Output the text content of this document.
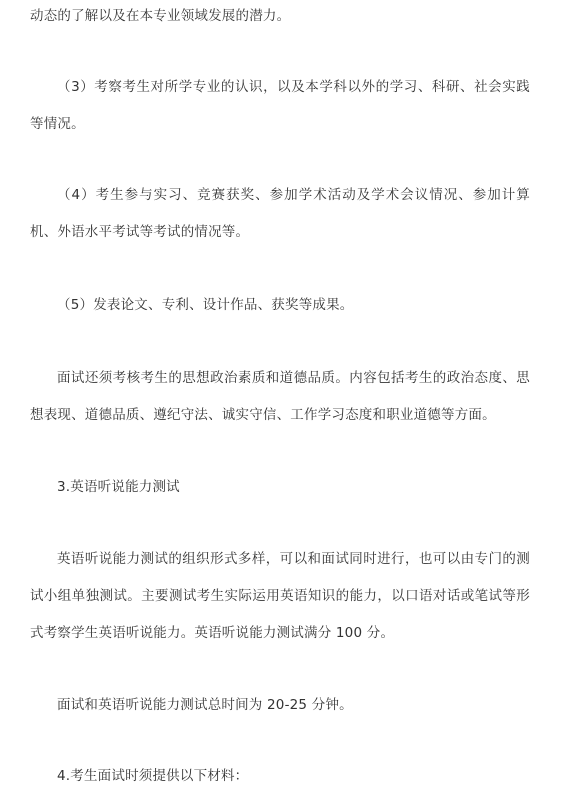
动态的了解以及在本专业领域发展的潜力。

（3）考察考生对所学专业的认识，以及本学科以外的学习、科研、社会实践等情况。

（4）考生参与实习、竞赛获奖、参加学术活动及学术会议情况、参加计算机、外语水平考试等考试的情况等。

（5）发表论文、专利、设计作品、获奖等成果。

面试还须考核考生的思想政治素质和道德品质。内容包括考生的政治态度、思想表现、道德品质、遵纪守法、诚实守信、工作学习态度和职业道德等方面。

3.英语听说能力测试

英语听说能力测试的组织形式多样，可以和面试同时进行，也可以由专门的测试小组单独测试。主要测试考生实际运用英语知识的能力，以口语对话或笔试等形式考察学生英语听说能力。英语听说能力测试满分 100 分。

面试和英语听说能力测试总时间为 20-25 分钟。

4.考生面试时须提供以下材料：
